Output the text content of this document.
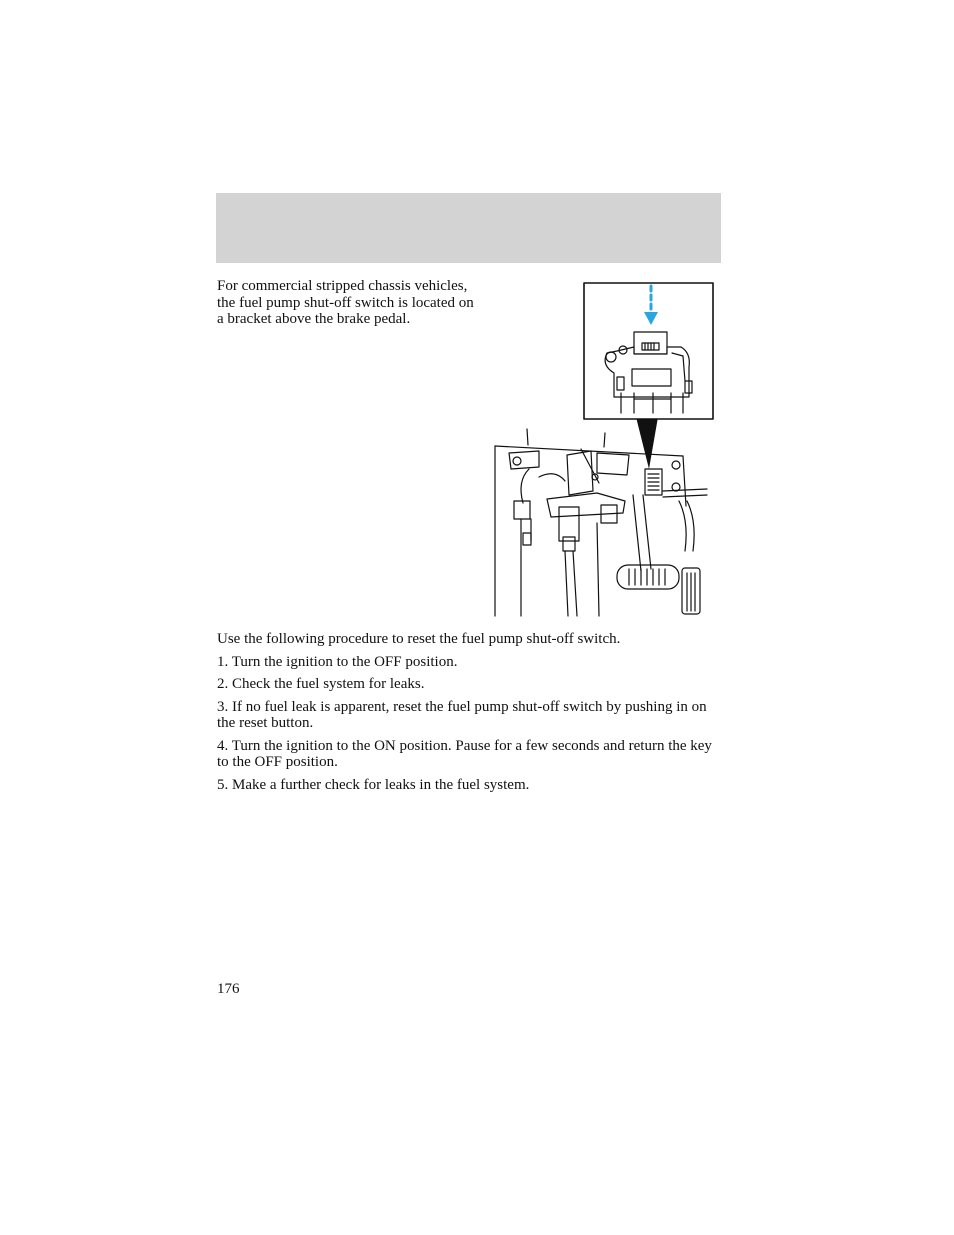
For commercial stripped chassis vehicles, the fuel pump shut-off switch is located on a bracket above the brake pedal.

Use the following procedure to reset the fuel pump shut-off switch.

1. Turn the ignition to the OFF position.

2. Check the fuel system for leaks.

3. If no fuel leak is apparent, reset the fuel pump shut-off switch by pushing in on the reset button.

4. Turn the ignition to the ON position. Pause for a few seconds and return the key to the OFF position.

5. Make a further check for leaks in the fuel system.

176
